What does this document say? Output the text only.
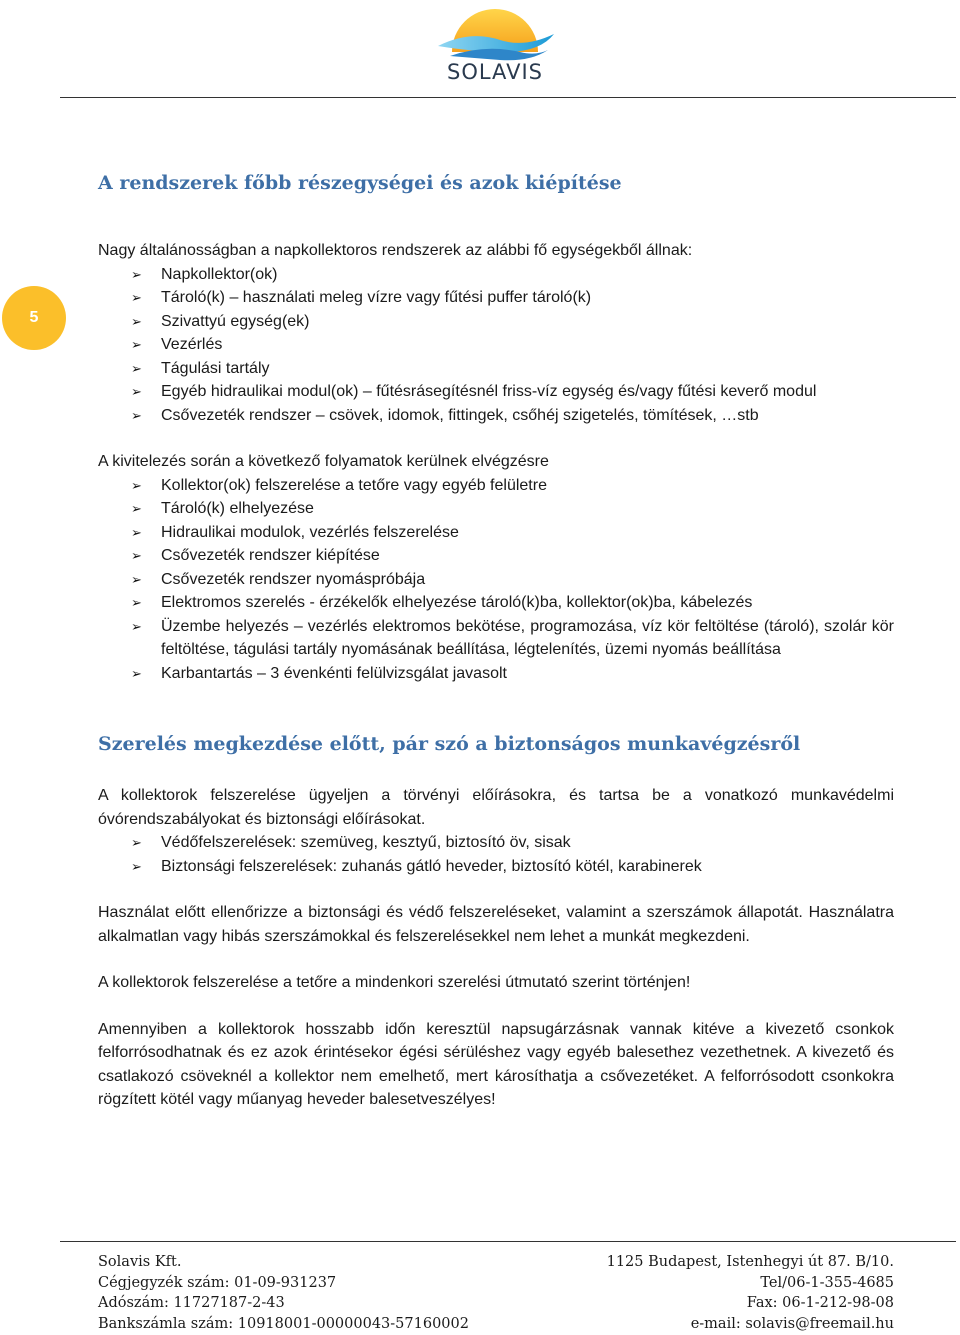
SOLAVIS
5
A rendszerek főbb részegységei és azok kiépítése

Nagy általánosságban a napkollektoros rendszerek az alábbi fő egységekből állnak:

➢ Napkollektor(ok)
➢ Tároló(k) – használati meleg vízre vagy fűtési puffer tároló(k)
➢ Szivattyú egység(ek)
➢ Vezérlés
➢ Tágulási tartály
➢ Egyéb hidraulikai modul(ok) – fűtésrásegítésnél friss-víz egység és/vagy fűtési keverő modul
➢ Csővezeték rendszer – csövek, idomok, fittingek, csőhéj szigetelés, tömítések, …stb

A kivitelezés során a következő folyamatok kerülnek elvégzésre

➢ Kollektor(ok) felszerelése a tetőre vagy egyéb felületre
➢ Tároló(k) elhelyezése
➢ Hidraulikai modulok, vezérlés felszerelése
➢ Csővezeték rendszer kiépítése
➢ Csővezeték rendszer nyomáspróbája
➢ Elektromos szerelés - érzékelők elhelyezése tároló(k)ba, kollektor(ok)ba, kábelezés
➢ Üzembe helyezés – vezérlés elektromos bekötése, programozása, víz kör feltöltése (tároló), szolár kör feltöltése, tágulási tartály nyomásának beállítása, légtelenítés, üzemi nyomás beállítása
➢ Karbantartás – 3 évenkénti felülvizsgálat javasolt
Szerelés megkezdése előtt, pár szó a biztonságos munkavégzésről

A kollektorok felszerelése ügyeljen a törvényi előírásokra, és tartsa be a vonatkozó munkavédelmi óvórendszabályokat és biztonsági előírásokat.

➢ Védőfelszerelések: szemüveg, kesztyű, biztosító öv, sisak
➢ Biztonsági felszerelések: zuhanás gátló heveder, biztosító kötél, karabinerek

Használat előtt ellenőrizze a biztonsági és védő felszereléseket, valamint a szerszámok állapotát. Használatra alkalmatlan vagy hibás szerszámokkal és felszerelésekkel nem lehet a munkát megkezdeni.

A kollektorok felszerelése a tetőre a mindenkori szerelési útmutató szerint történjen!

Amennyiben a kollektorok hosszabb időn keresztül napsugárzásnak vannak kitéve a kivezető csonkok felforrósodhatnak és ez azok érintésekor égési sérüléshez vagy egyéb balesethez vezethetnek. A kivezető és csatlakozó csöveknél a kollektor nem emelhető, mert károsíthatja a csővezetéket. A felforrósodott csonkokra rögzített kötél vagy műanyag heveder balesetveszélyes!

Solavis Kft.	1125 Budapest, Istenhegyi út 87. B/10.
Cégjegyzék szám: 01-09-931237	Tel/06-1-355-4685
Adószám: 11727187-2-43	Fax: 06-1-212-98-08
Bankszámla szám: 10918001-00000043-57160002	e-mail: solavis@freemail.hu
